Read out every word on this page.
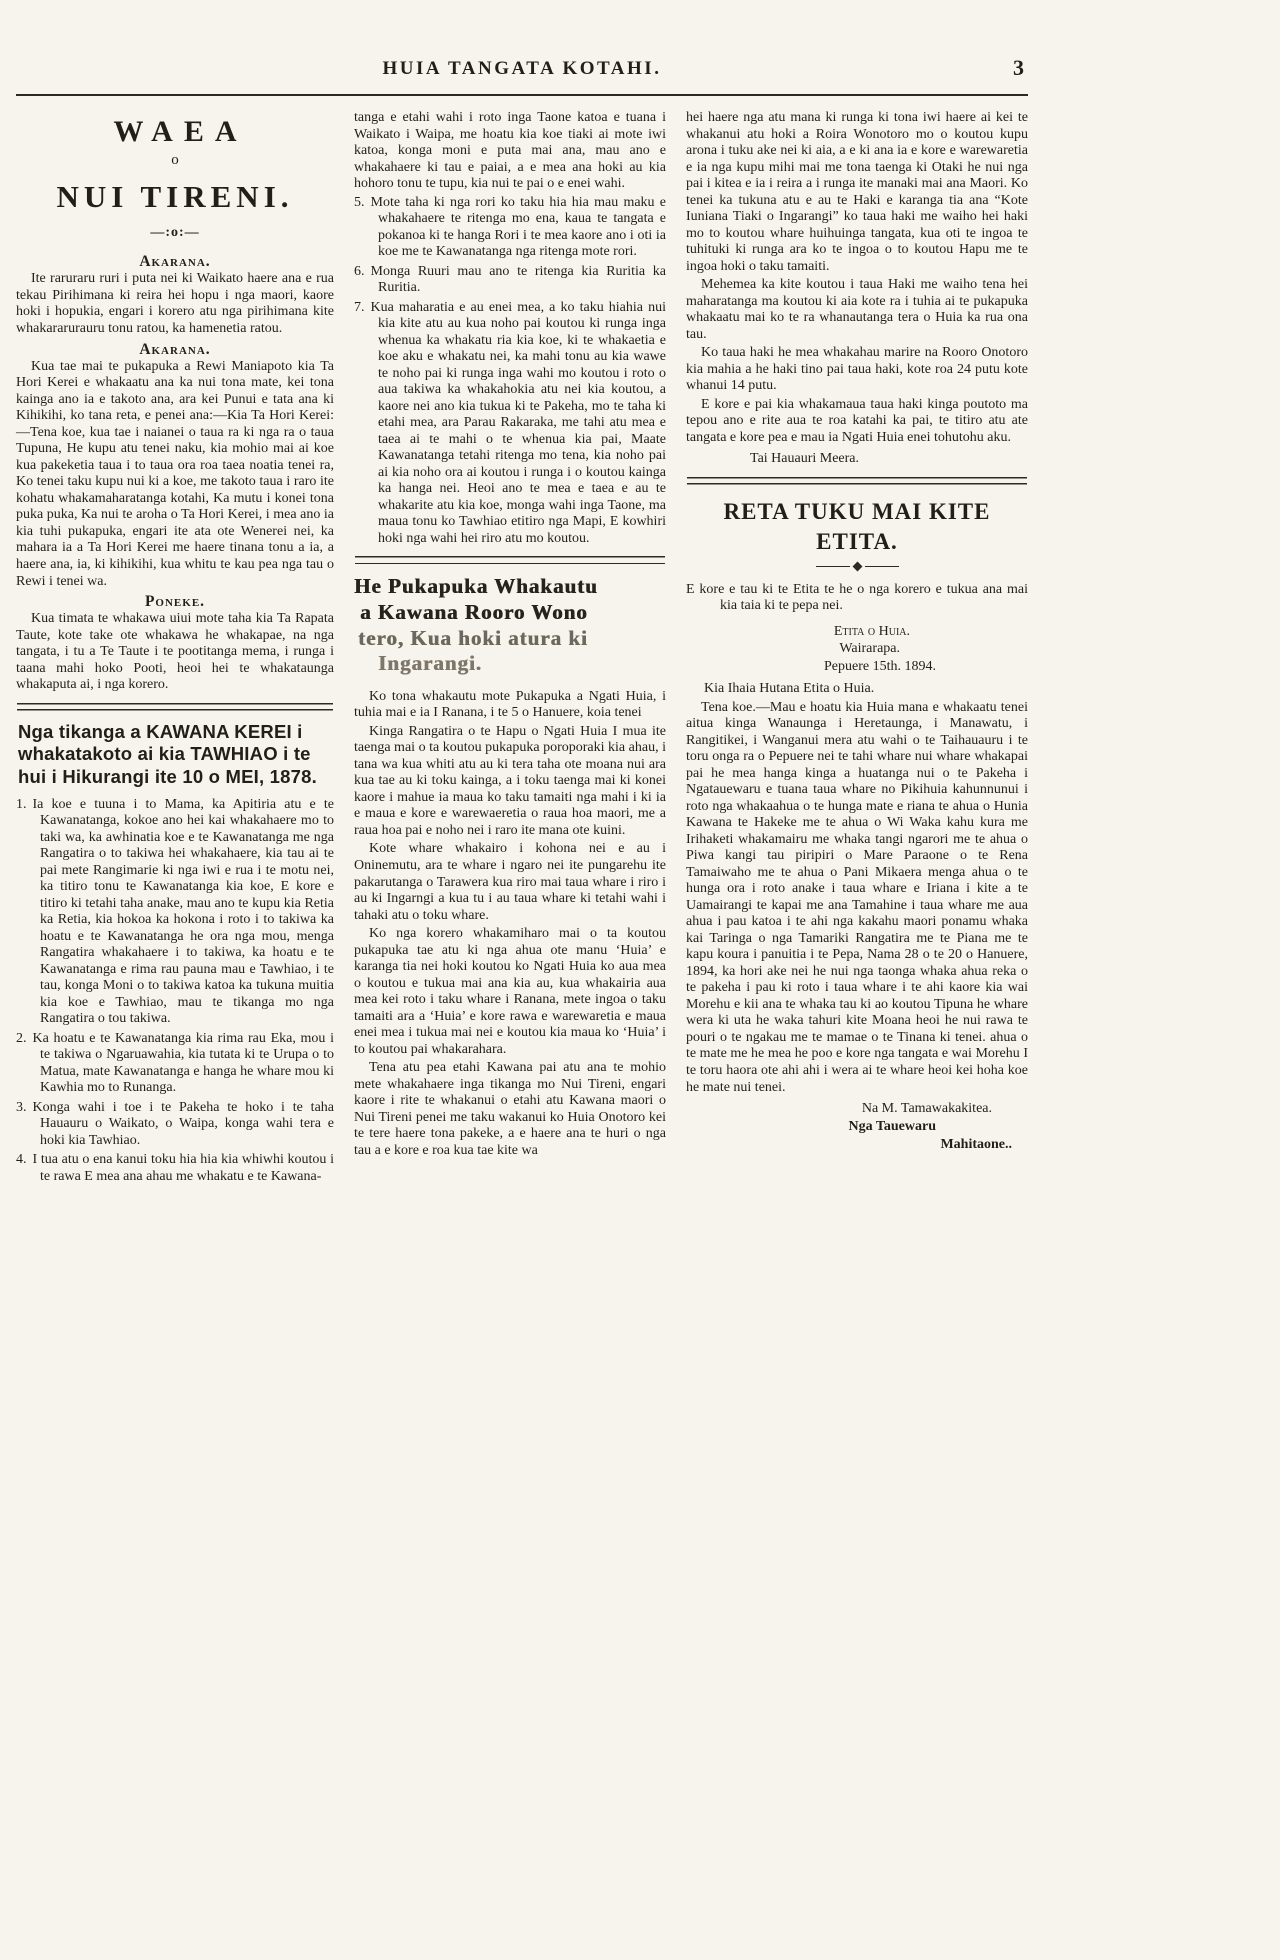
HUIA TANGATA KOTAHI.	3
WAEA
o
NUI TIRENI.
—:o:—
Akarana.

Ite raruraru ruri i puta nei ki Waikato haere ana e rua tekau Pirihimana ki reira hei hopu i nga maori, kaore hoki i hopukia, engari i korero atu nga pirihimana kite whakararurauru tonu ratou, ka hamenetia ratou.

Akarana.

Kua tae mai te pukapuka a Rewi Maniapoto kia Ta Hori Kerei e whakaatu ana ka nui tona mate, kei tona kainga ano ia e takoto ana, ara kei Punui e tata ana ki Kihikihi, ko tana reta, e penei ana:—Kia Ta Hori Kerei:—Tena koe, kua tae i naianei o taua ra ki nga ra o taua Tupuna, He kupu atu tenei naku, kia mohio mai ai koe kua pakeketia taua i to taua ora roa taea noatia tenei ra, Ko tenei taku kupu nui ki a koe, me takoto taua i raro ite kohatu whakamaharatanga kotahi, Ka mutu i konei tona puka puka, Ka nui te aroha o Ta Hori Kerei, i mea ano ia kia tuhi pukapuka, engari ite ata ote Wenerei nei, ka mahara ia a Ta Hori Kerei me haere tinana tonu a ia, a haere ana, ia, ki kihikihi, kua whitu te kau pea nga tau o Rewi i tenei wa.

Poneke.

Kua timata te whakawa uiui mote taha kia Ta Rapata Taute, kote take ote whakawa he whakapae, na nga tangata, i tu a Te Taute i te pootitanga mema, i runga i taana mahi hoko Pooti, heoi hei te whakataunga whakaputa ai, i nga korero.

Nga tikanga a KAWANA KEREI i whakatakoto ai kia TAWHIAO i te hui i Hikurangi ite 10 o MEI, 1878.
1. Ia koe e tuuna i to Mama, ka Apitiria atu e te Kawanatanga, kokoe ano hei kai whakahaere mo to taki wa, ka awhinatia koe e te Kawanatanga me nga Rangatira o to takiwa hei whakahaere, kia tau ai te pai mete Rangimarie ki nga iwi e rua i te motu nei, ka titiro tonu te Kawanatanga kia koe, E kore e titiro ki tetahi taha anake, mau ano te kupu kia Retia ka Retia, kia hokoa ka hokona i roto i to takiwa ka hoatu e te Kawanatanga he ora nga mou, menga Rangatira whakahaere i to takiwa, ka hoatu e te Kawanatanga e rima rau pauna mau e Tawhiao, i te tau, konga Moni o to takiwa katoa ka tukuna muitia kia koe e Tawhiao, mau te tikanga mo nga Rangatira o tou takiwa.
2. Ka hoatu e te Kawanatanga kia rima rau Eka, mou i te takiwa o Ngaruawahia, kia tutata ki te Urupa o to Matua, mate Kawanatanga e hanga he whare mou ki Kawhia mo to Runanga.
3. Konga wahi i toe i te Pakeha te hoko i te taha Hauauru o Waikato, o Waipa, konga wahi tera e hoki kia Tawhiao.
4. I tua atu o ena kanui toku hia hia kia whiwhi koutou i te rawa E mea ana ahau me whakatu e te Kawana-

tanga e etahi wahi i roto inga Taone katoa e tuana i Waikato i Waipa, me hoatu kia koe tiaki ai mote iwi katoa, konga moni e puta mai ana, mau ano e whakahaere ki tau e paiai, a e mea ana hoki au kia hohoro tonu te tupu, kia nui te pai o e enei wahi.

5. Mote taha ki nga rori ko taku hia hia mau maku e whakahaere te ritenga mo ena, kaua te tangata e pokanoa ki te hanga Rori i te mea kaore ano i oti ia koe me te Kawanatanga nga ritenga mote rori.
6. Monga Ruuri mau ano te ritenga kia Ruritia ka Ruritia.
7. Kua maharatia e au enei mea, a ko taku hiahia nui kia kite atu au kua noho pai koutou ki runga inga whenua ka whakatu ria kia koe, ki te whakaetia e koe aku e whakatu nei, ka mahi tonu au kia wawe te noho pai ki runga inga wahi mo koutou i roto o aua takiwa ka whakahokia atu nei kia koutou, a kaore nei ano kia tukua ki te Pakeha, mo te taha ki etahi mea, ara Parau Rakaraka, me tahi atu mea e taea ai te mahi o te whenua kia pai, Maate Kawanatanga tetahi ritenga mo tena, kia noho pai ai kia noho ora ai koutou i runga i o koutou kainga ka hanga nei. Heoi ano te mea e taea e au te whakarite atu kia koe, monga wahi inga Taone, ma maua tonu ko Tawhiao etitiro nga Mapi, E kowhiri hoki nga wahi hei riro atu mo koutou.
He Pukapuka Whakautu
a Kawana Rooro Wono
tero, Kua hoki atura ki
Ingarangi.

Ko tona whakautu mote Pukapuka a Ngati Huia, i tuhia mai e ia I Ranana, i te 5 o Hanuere, koia tenei

Kinga Rangatira o te Hapu o Ngati Huia I mua ite taenga mai o ta koutou pukapuka poroporaki kia ahau, i tana wa kua whiti atu au ki tera taha ote moana nui ara kua tae au ki toku kainga, a i toku taenga mai ki konei kaore i mahue ia maua ko taku tamaiti nga mahi i ki ia e maua e kore e warewaeretia o raua hoa maori, me a raua hoa pai e noho nei i raro ite mana ote kuini.

Kote whare whakairo i kohona nei e au i Oninemutu, ara te whare i ngaro nei ite pungarehu ite pakarutanga o Tarawera kua riro mai taua whare i riro i au ki Ingarngi a kua tu i au taua whare ki tetahi wahi i tahaki atu o toku whare.

Ko nga korero whakamiharo mai o ta koutou pukapuka tae atu ki nga ahua ote manu ‘Huia’ e karanga tia nei hoki koutou ko Ngati Huia ko aua mea o koutou e tukua mai ana kia au, kua whakairia aua mea kei roto i taku whare i Ranana, mete ingoa o taku tamaiti ara a ‘Huia’ e kore rawa e warewaretia e maua enei mea i tukua mai nei e koutou kia maua ko ‘Huia’ i to koutou pai whakarahara.

Tena atu pea etahi Kawana pai atu ana te mohio mete whakahaere inga tikanga mo Nui Tireni, engari kaore i rite te whakanui o etahi atu Kawana maori o Nui Tireni penei me taku wakanui ko Huia Onotoro kei te tere haere tona pakeke, a e haere ana te huri o nga tau a e kore e roa kua tae kite wa

hei haere nga atu mana ki runga ki tona iwi haere ai kei te whakanui atu hoki a Roira Wonotoro mo o koutou kupu arona i tuku ake nei ki aia, a e ki ana ia e kore e warewaretia e ia nga kupu mihi mai me tona taenga ki Otaki he nui nga pai i kitea e ia i reira a i runga ite manaki mai ana Maori. Ko tenei ka tukuna atu e au te Haki e karanga tia ana “Kote Iuniana Tiaki o Ingarangi” ko taua haki me waiho hei haki mo to koutou whare huihuinga tangata, kua oti te ingoa te tuhituki ki runga ara ko te ingoa o to koutou Hapu me te ingoa hoki o taku tamaiti.

Mehemea ka kite koutou i taua Haki me waiho tena hei maharatanga ma koutou ki aia kote ra i tuhia ai te pukapuka whakaatu mai ko te ra whanautanga tera o Huia ka rua ona tau.

Ko taua haki he mea whakahau marire na Rooro Onotoro kia mahia a he haki tino pai taua haki, kote roa 24 putu kote whanui 14 putu.

E kore e pai kia whakamaua taua haki kinga poutoto ma tepou ano e rite aua te roa katahi ka pai, te titiro atu ate tangata e kore pea e mau ia Ngati Huia enei tohutohu aku.

Tai Hauauri Meera.

RETA TUKU MAI KITE
ETITA.

E kore e tau ki te Etita te he o nga korero e tukua ana mai kia taia ki te pepa nei.

Etita o Huia.
Wairarapa.
Pepuere 15th. 1894.

Kia Ihaia Hutana Etita o Huia.

Tena koe.—Mau e hoatu kia Huia mana e whakaatu tenei aitua kinga Wanaunga i Heretaunga, i Manawatu, i Rangitikei, i Wanganui mera atu wahi o te Taihauauru i te toru onga ra o Pepuere nei te tahi whare nui whare whakapai pai he mea hanga kinga a huatanga nui o te Pakeha i Ngatauewaru e tuana taua whare no Pikihuia kahunnunui i roto nga whakaahua o te hunga mate e riana te ahua o Hunia Kawana te Hakeke me te ahua o Wi Waka kahu kura me Irihaketi whakamairu me whaka tangi ngarori me te ahua o Piwa kangi tau piripiri o Mare Paraone o te Rena Tamaiwaho me te ahua o Pani Mikaera menga ahua o te hunga ora i roto anake i taua whare e Iriana i kite a te Uamairangi te kapai me ana Tamahine i taua whare me aua ahua i pau katoa i te ahi nga kakahu maori ponamu whaka kai Taringa o nga Tamariki Rangatira me te Piana me te kapu koura i panuitia i te Pepa, Nama 28 o te 20 o Hanuere, 1894, ka hori ake nei he nui nga taonga whaka ahua reka o te pakeha i pau ki roto i taua whare i te ahi kaore kia wai Morehu e kii ana te whaka tau ki ao koutou Tipuna he whare wera ki uta he waka tahuri kite Moana heoi he nui rawa te pouri o te ngakau me te mamae o te Tinana ki tenei. ahua o te mate me he mea he poo e kore nga tangata e wai Morehu I te toru haora ote ahi ahi i wera ai te whare heoi kei hoha koe he mate nui tenei.

Na M. Tamawakakitea.
Nga Tauewaru
Mahitaone..
